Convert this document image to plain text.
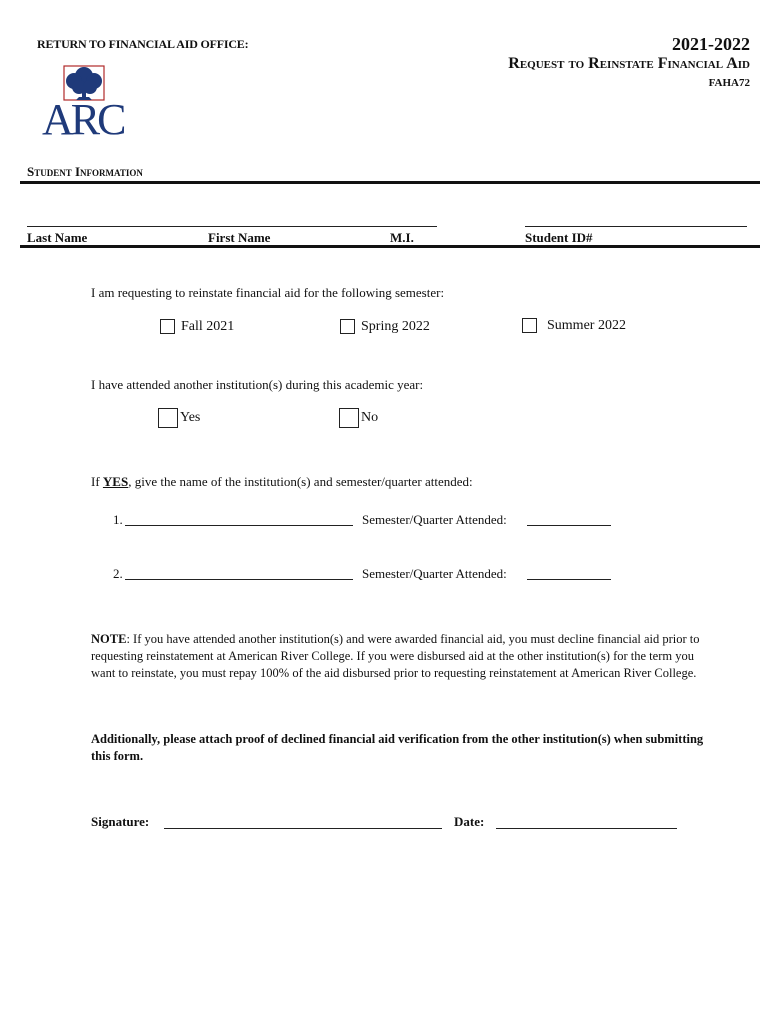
RETURN TO FINANCIAL AID OFFICE:	2021-2022
Request to Reinstate Financial Aid
FAHA72
ARC
Student Information
Last Name	First Name	M.I.	Student ID#
I am requesting to reinstate financial aid for the following semester:
Fall 2021	Spring 2022	Summer 2022
I have attended another institution(s) during this academic year:
Yes	No
If YES, give the name of the institution(s) and semester/quarter attended:
1.	Semester/Quarter Attended:
2.	Semester/Quarter Attended:
NOTE: If you have attended another institution(s) and were awarded financial aid, you must decline financial aid prior to requesting reinstatement at American River College. If you were disbursed aid at the other institution(s) for the term you want to reinstate, you must repay 100% of the aid disbursed prior to requesting reinstatement at American River College.
Additionally, please attach proof of declined financial aid verification from the other institution(s) when submitting this form.
Signature:	Date:
